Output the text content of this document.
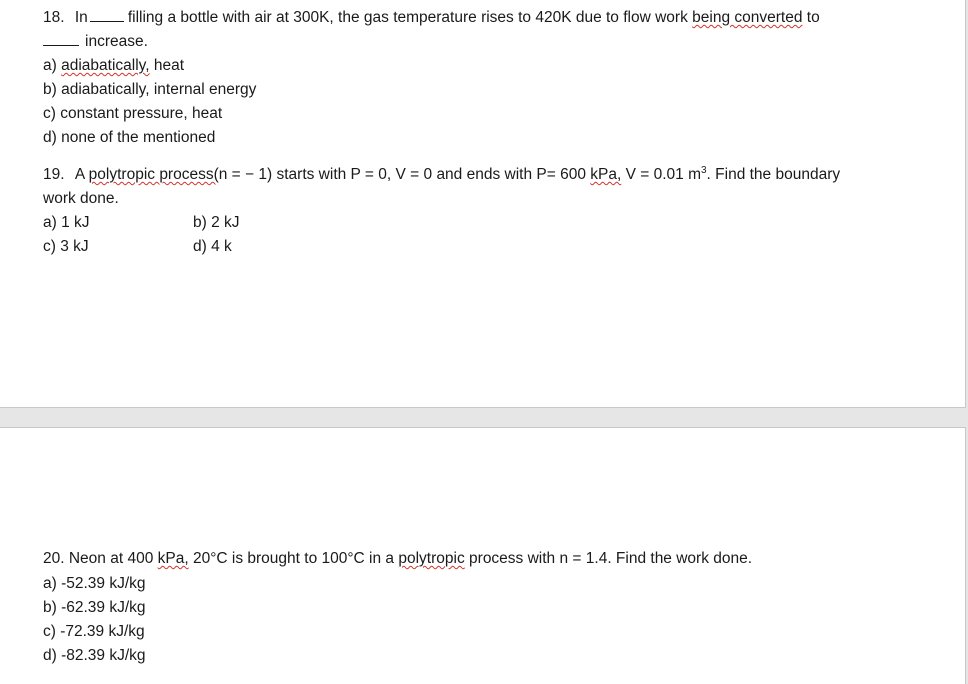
18. In	filling a bottle with air at 300K, the gas temperature rises to 420K due to flow work being converted to
increase.
a) adiabatically, heat
b) adiabatically, internal energy
c) constant pressure, heat
d) none of the mentioned
19. A polytropic process(n = − 1) starts with P = 0, V = 0 and ends with P= 600 kPa, V = 0.01 $m^3$. Find the boundary
work done.
a) 1 kJ	b) 2 kJ
c) 3 kJ	d) 4 k
20. Neon at 400 kPa, 20°C is brought to 100°C in a polytropic process with n = 1.4. Find the work done.
a) -52.39 kJ/kg
b) -62.39 kJ/kg
c) -72.39 kJ/kg
d) -82.39 kJ/kg
